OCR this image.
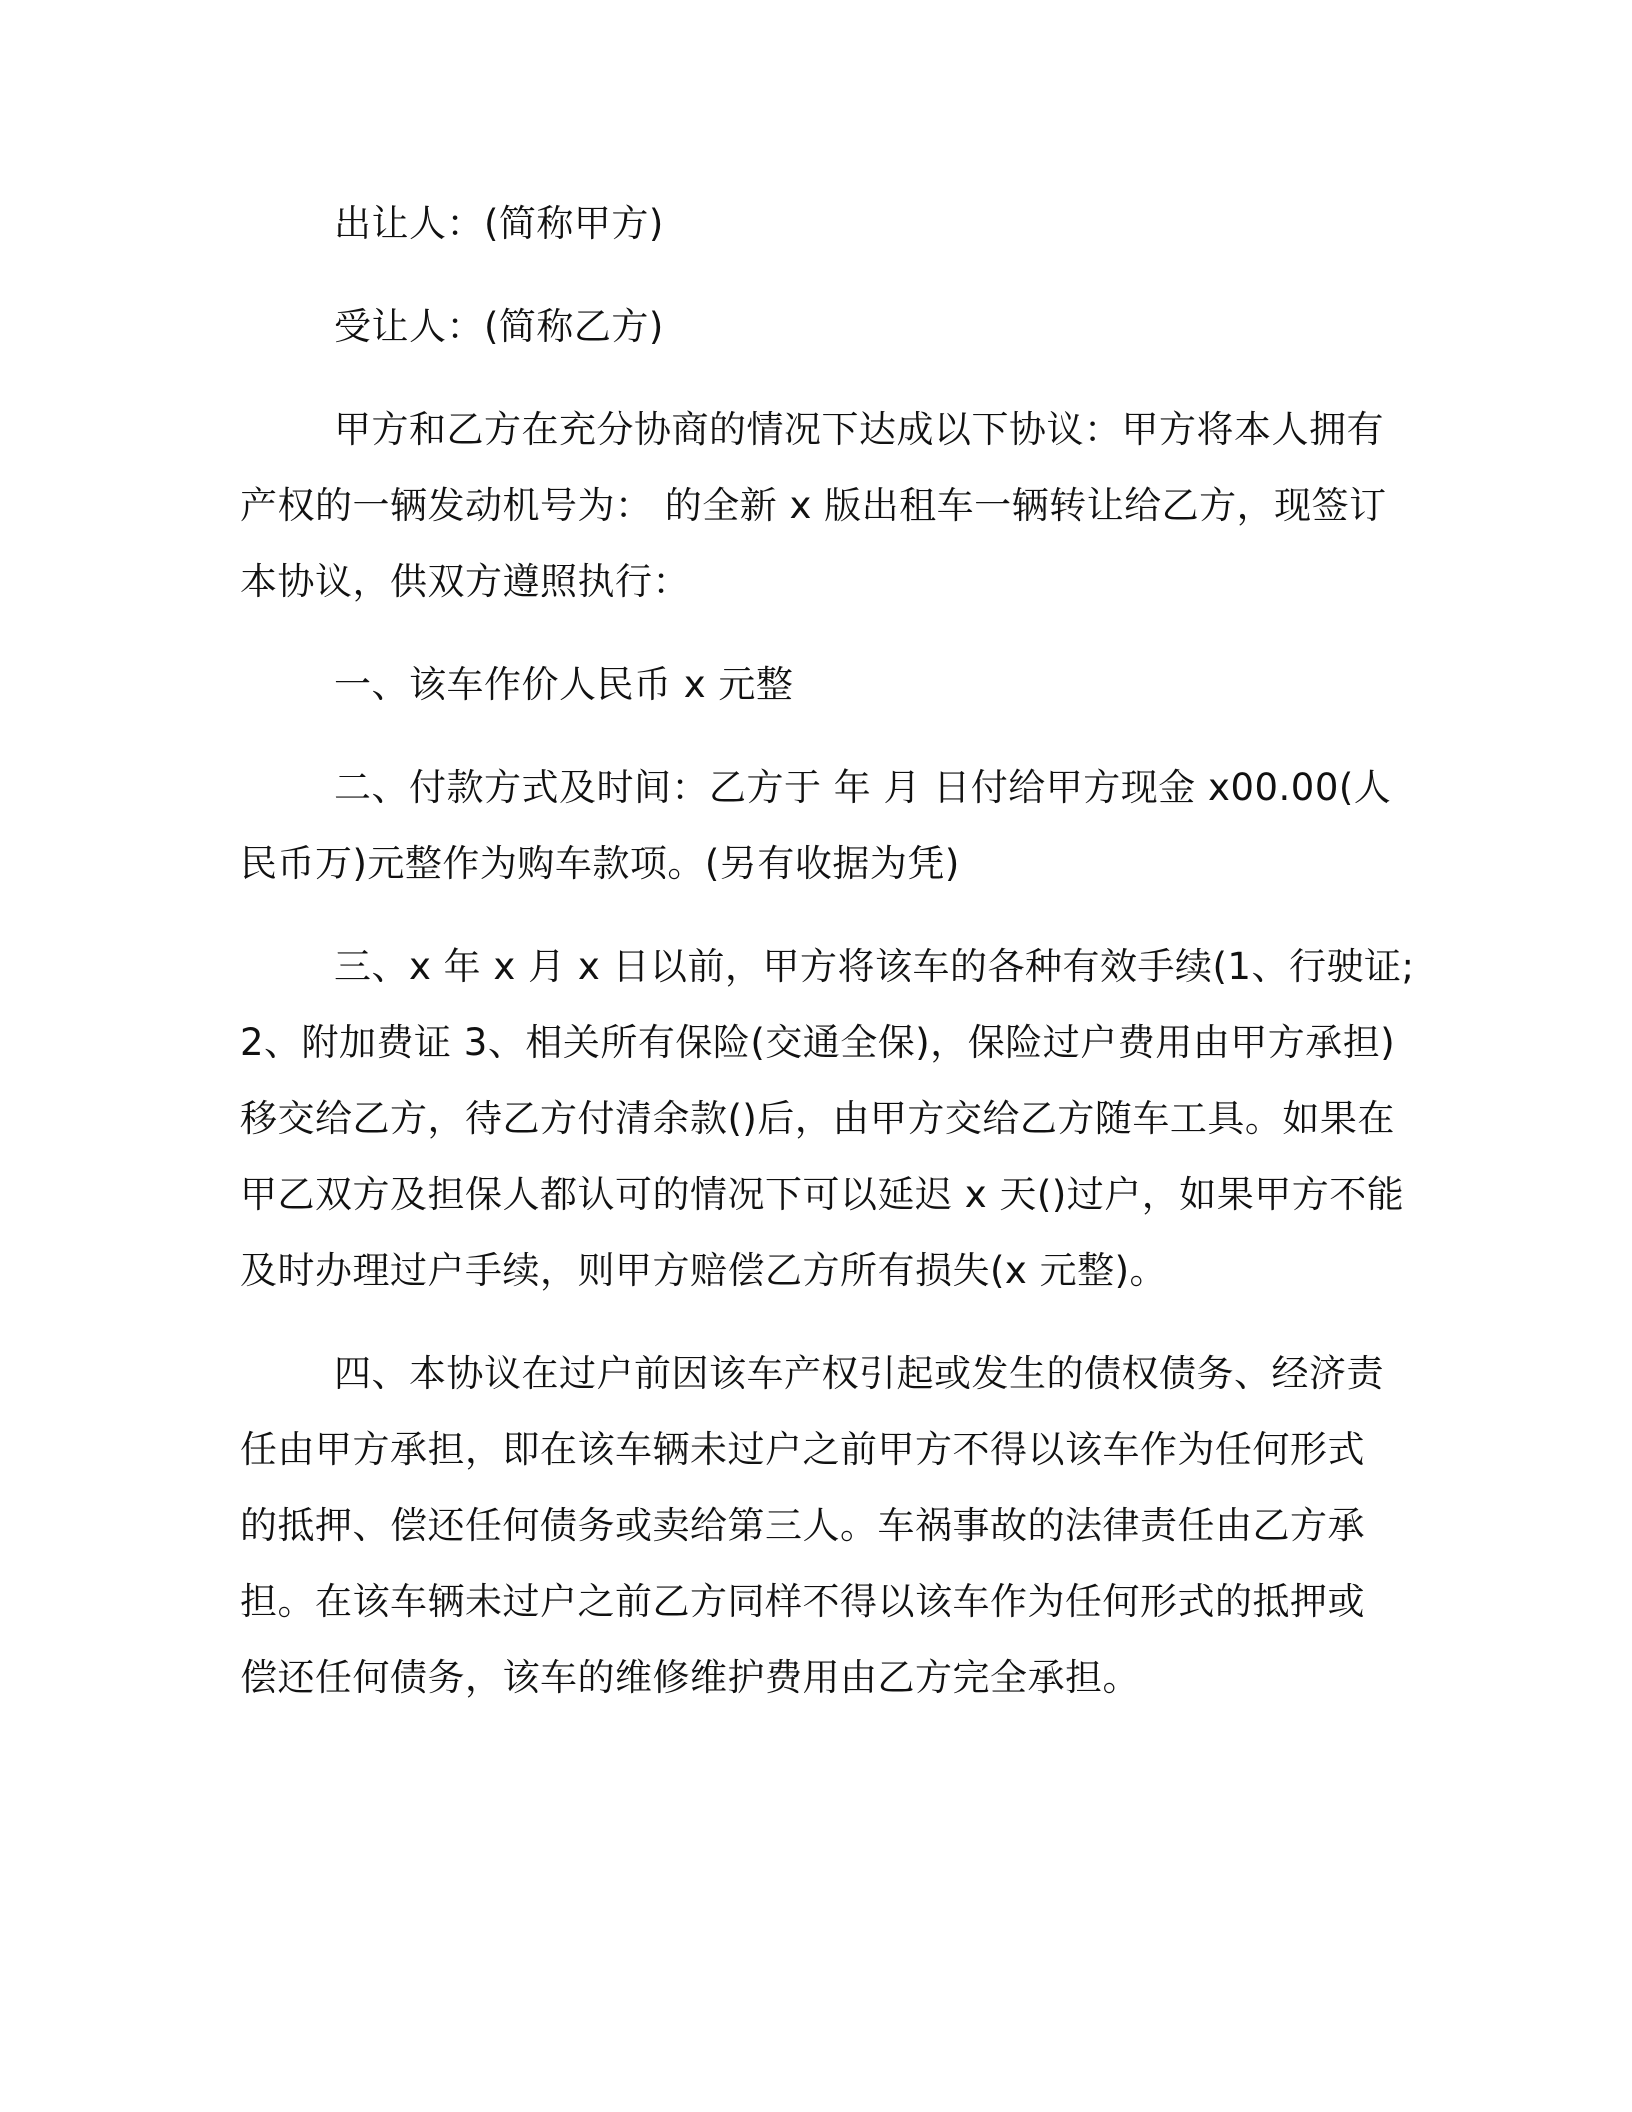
出让人：(简称甲方)
受让人：(简称乙方)
甲方和乙方在充分协商的情况下达成以下协议：甲方将本人拥有
产权的一辆发动机号为： 的全新 x 版出租车一辆转让给乙方，现签订
本协议，供双方遵照执行：
一、该车作价人民币 x 元整
二、付款方式及时间：乙方于 年 月 日付给甲方现金 x00.00(人
民币万)元整作为购车款项。(另有收据为凭)
三、x 年 x 月 x 日以前，甲方将该车的各种有效手续(1、行驶证;
2、附加费证 3、相关所有保险(交通全保)，保险过户费用由甲方承担)
移交给乙方，待乙方付清余款()后，由甲方交给乙方随车工具。如果在
甲乙双方及担保人都认可的情况下可以延迟 x 天()过户，如果甲方不能
及时办理过户手续，则甲方赔偿乙方所有损失(x 元整)。
四、本协议在过户前因该车产权引起或发生的债权债务、经济责
任由甲方承担，即在该车辆未过户之前甲方不得以该车作为任何形式
的抵押、偿还任何债务或卖给第三人。车祸事故的法律责任由乙方承
担。在该车辆未过户之前乙方同样不得以该车作为任何形式的抵押或
偿还任何债务，该车的维修维护费用由乙方完全承担。
